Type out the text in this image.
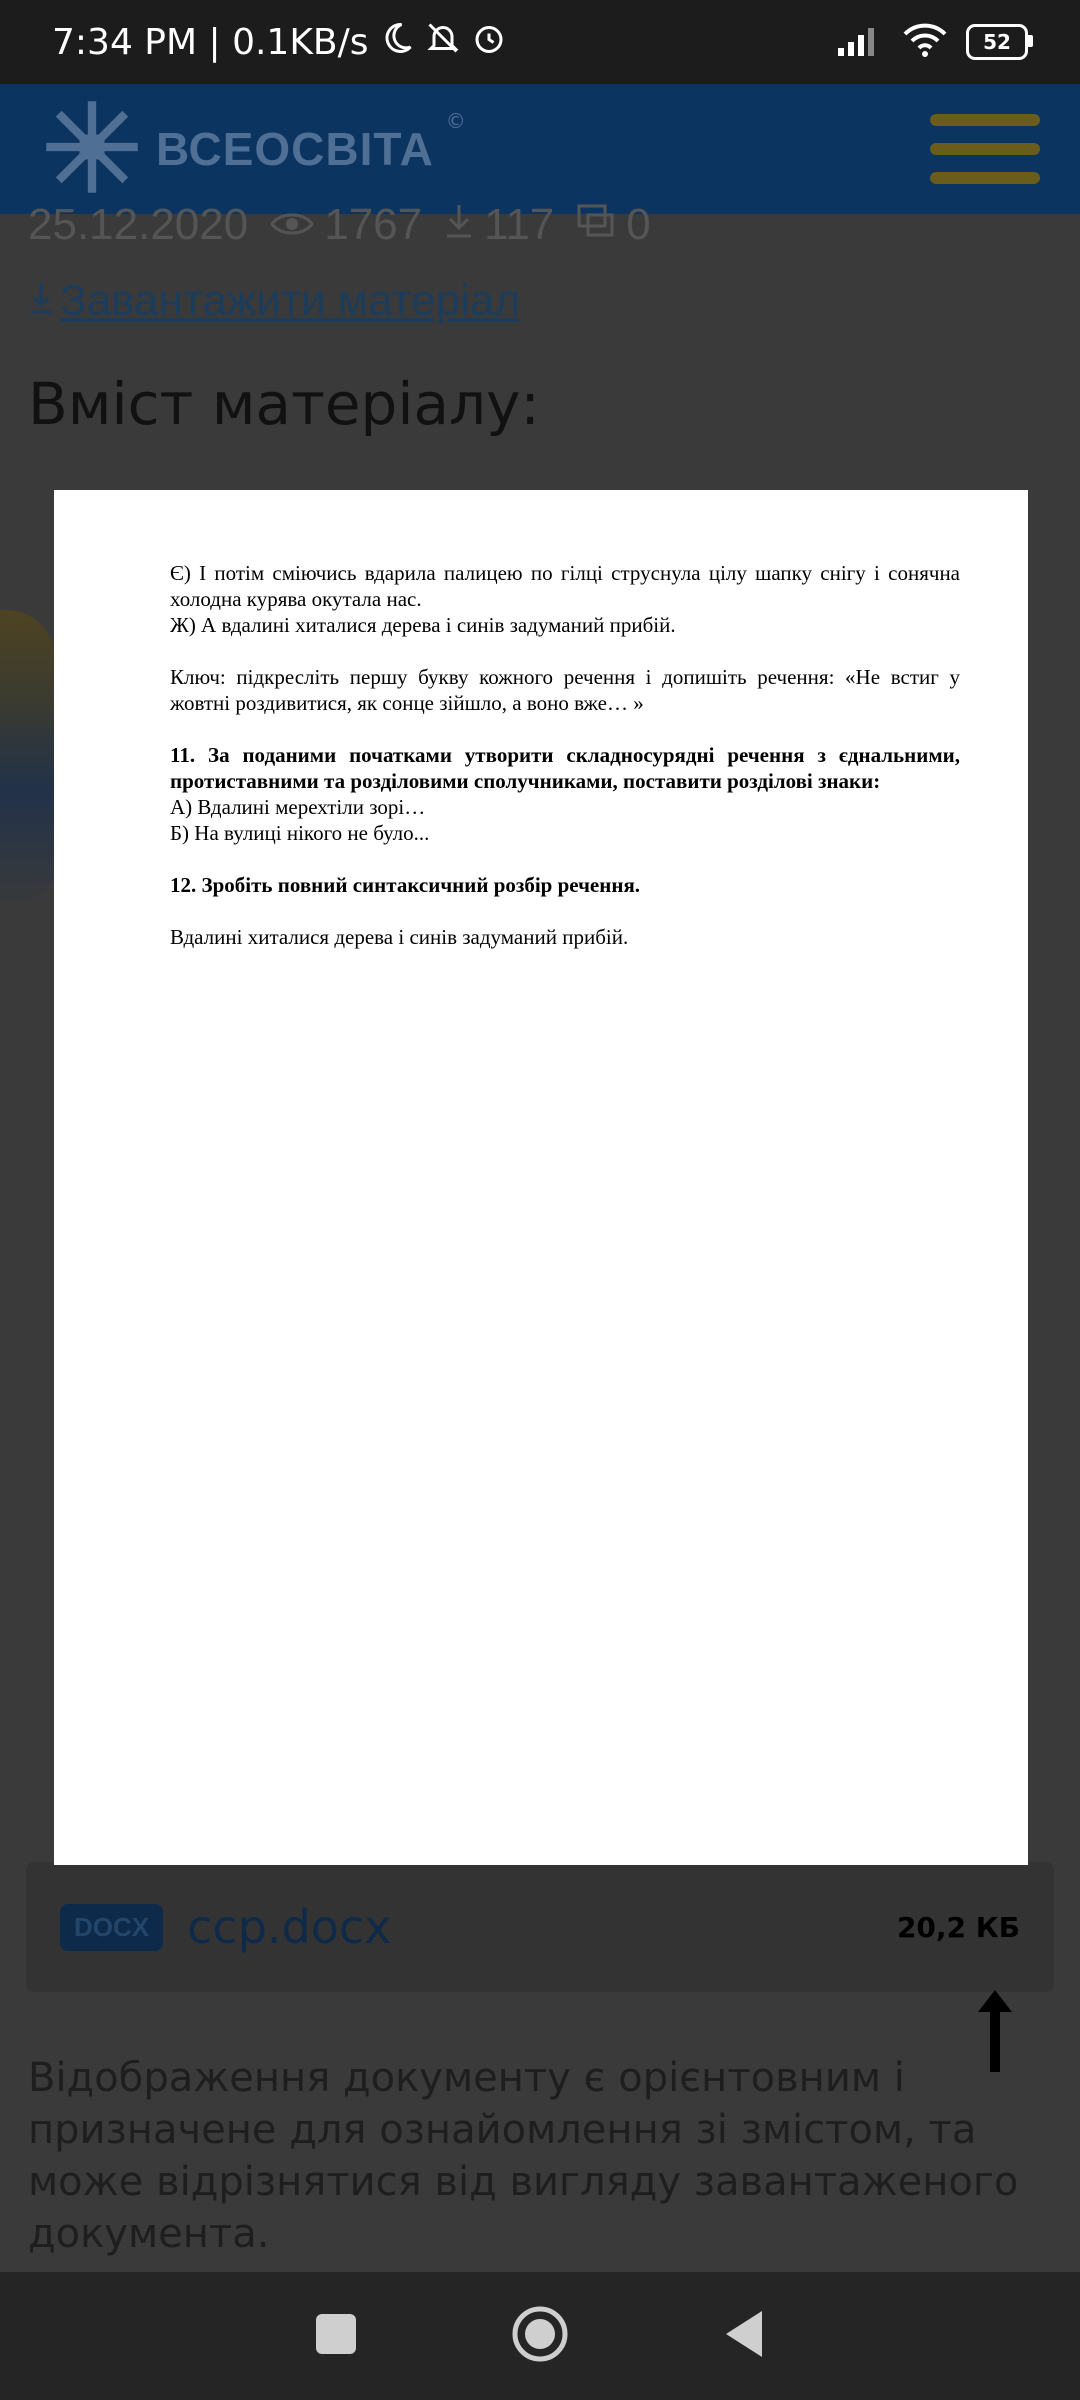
7:34 PM | 0.1KB/s	52
ВСЕОСВІТА
©
25.12.2020 1767 117 0
Завантажити матеріал
Вміст матеріалу:
DOCX ccp.docx	20,2 КБ
Відображення документу є орієнтовним і призначене для ознайомлення зі змістом, та може відрізнятися від вигляду завантаженого документа.

Є) І потім сміючись вдарила палицею по гілці струснула цілу шапку снігу і сонячна холодна курява окутала нас.

Ж) А вдалині хиталися дерева і синів задуманий прибій.

Ключ: підкресліть першу букву кожного речення і допишіть речення: «Не встиг у жовтні роздивитися, як сонце зійшло, а воно вже… »

11. За поданими початками утворити складносурядні речення з єднальними, протиставними та розділовими сполучниками, поставити розділові знаки:

А) Вдалині мерехтіли зорі…

Б) На вулиці нікого не було...

12. Зробіть повний синтаксичний розбір речення.

Вдалині хиталися дерева і синів задуманий прибій.
